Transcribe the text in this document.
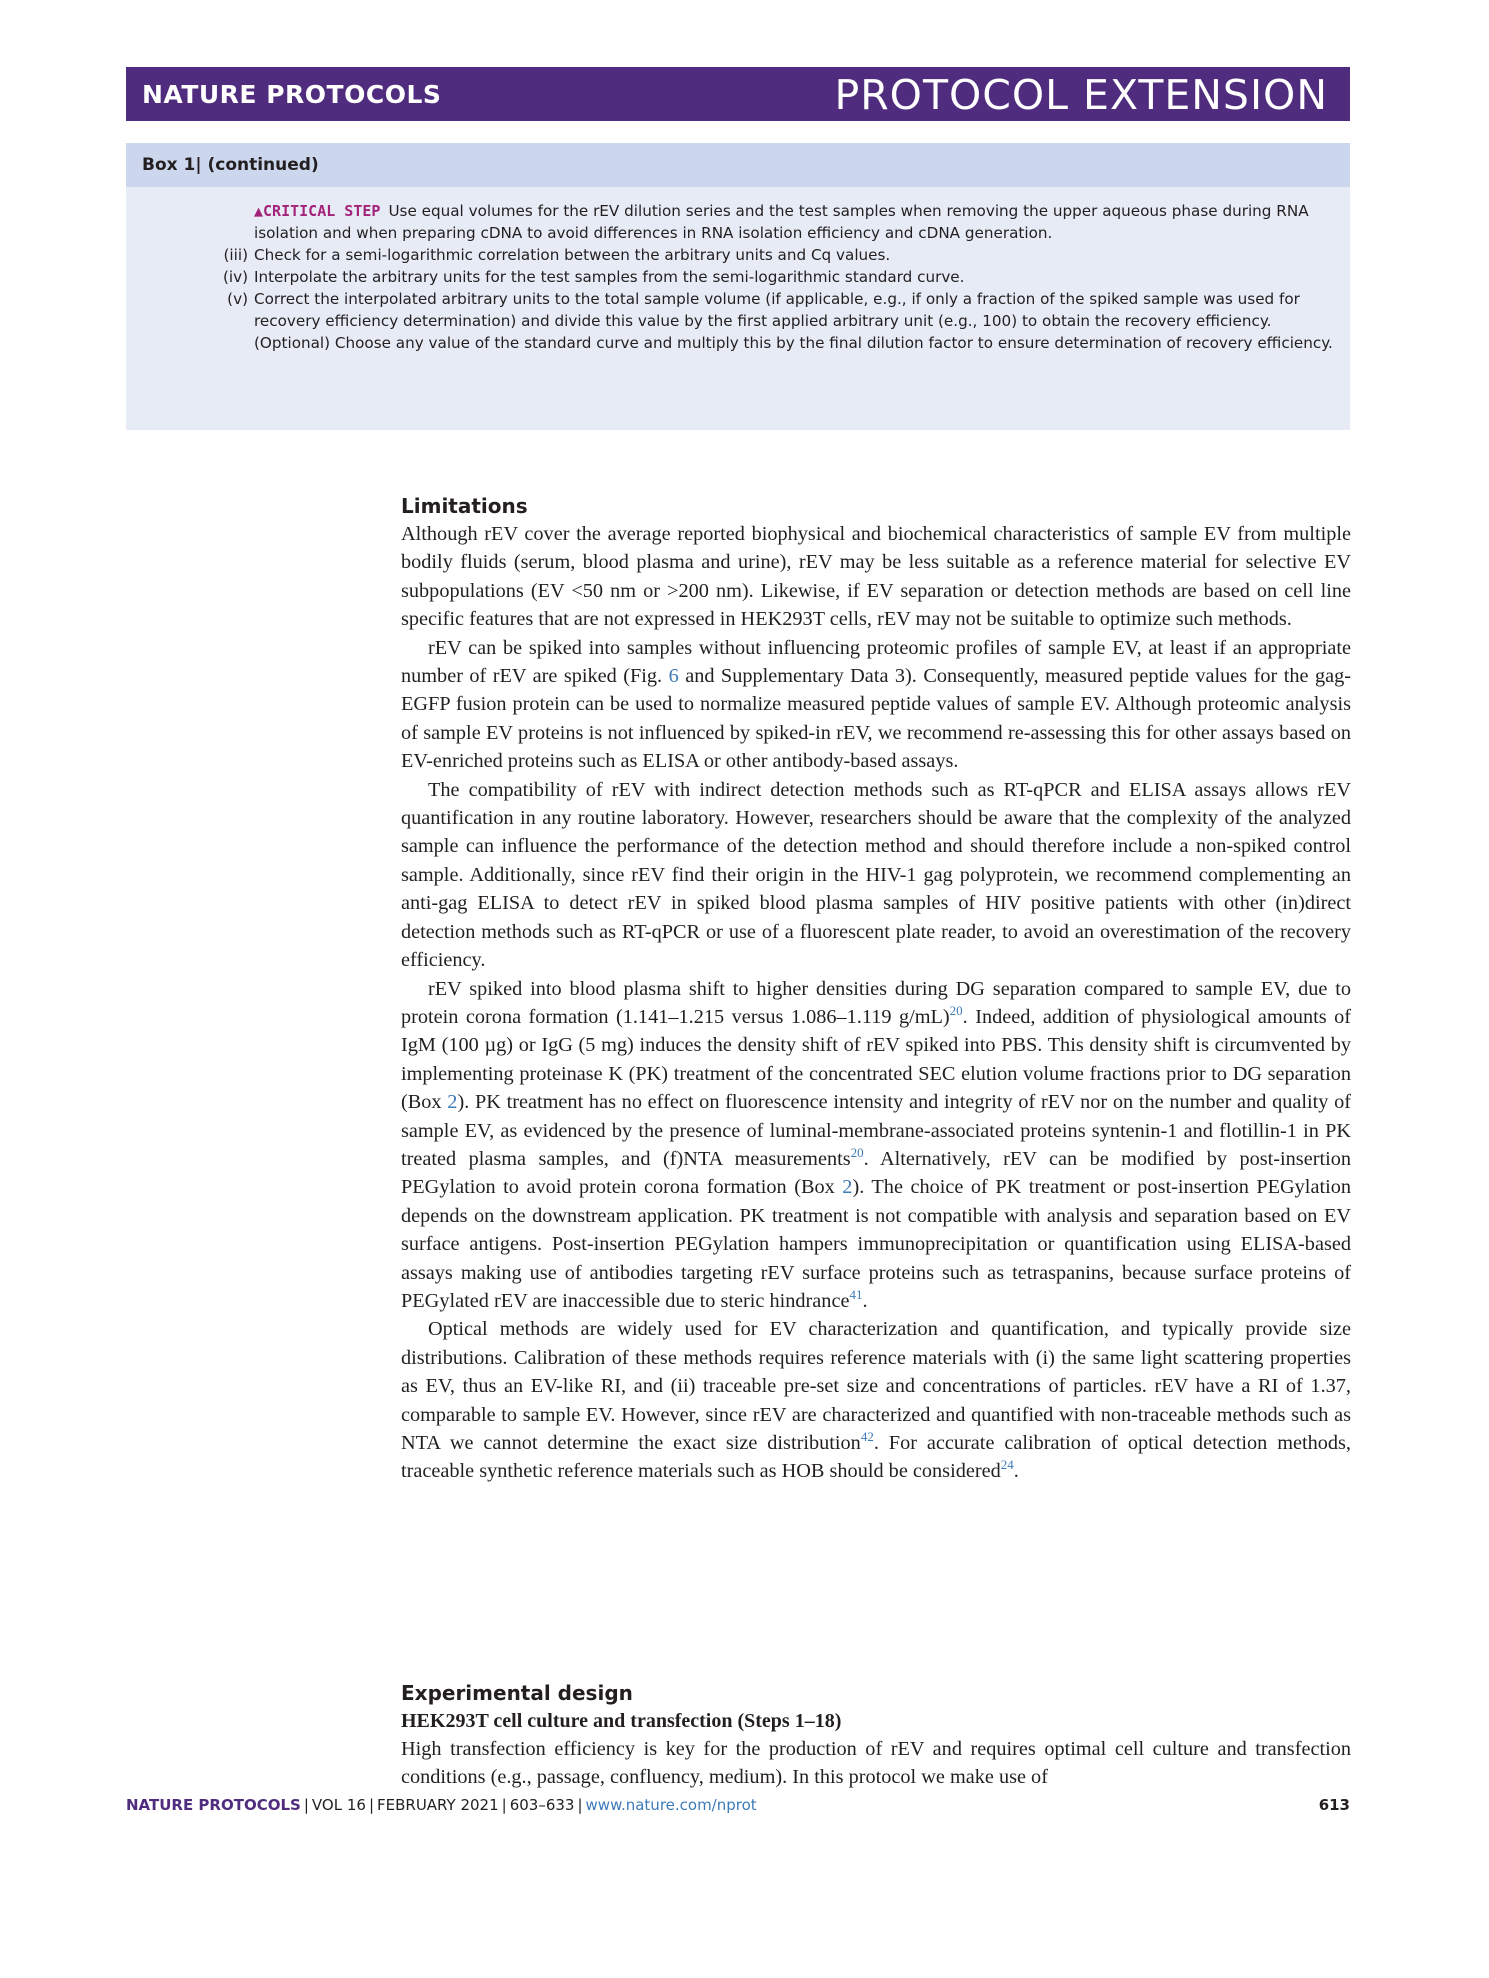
NATURE PROTOCOLS	PROTOCOL EXTENSION
Box 1| (continued)
▲CRITICAL STEP Use equal volumes for the rEV dilution series and the test samples when removing the upper aqueous phase during RNA isolation and when preparing cDNA to avoid differences in RNA isolation efficiency and cDNA generation.
(iii) Check for a semi-logarithmic correlation between the arbitrary units and Cq values.
(iv) Interpolate the arbitrary units for the test samples from the semi-logarithmic standard curve.
(v) Correct the interpolated arbitrary units to the total sample volume (if applicable, e.g., if only a fraction of the spiked sample was used for recovery efficiency determination) and divide this value by the first applied arbitrary unit (e.g., 100) to obtain the recovery efficiency.
(Optional) Choose any value of the standard curve and multiply this by the final dilution factor to ensure determination of recovery efficiency.
Limitations

Although rEV cover the average reported biophysical and biochemical characteristics of sample EV from multiple bodily fluids (serum, blood plasma and urine), rEV may be less suitable as a reference material for selective EV subpopulations (EV <50 nm or >200 nm). Likewise, if EV separation or detection methods are based on cell line specific features that are not expressed in HEK293T cells, rEV may not be suitable to optimize such methods.

rEV can be spiked into samples without influencing proteomic profiles of sample EV, at least if an appropriate number of rEV are spiked (Fig. 6 and Supplementary Data 3). Consequently, measured peptide values for the gag-EGFP fusion protein can be used to normalize measured peptide values of sample EV. Although proteomic analysis of sample EV proteins is not influenced by spiked-in rEV, we recommend re-assessing this for other assays based on EV-enriched proteins such as ELISA or other antibody-based assays.

The compatibility of rEV with indirect detection methods such as RT-qPCR and ELISA assays allows rEV quantification in any routine laboratory. However, researchers should be aware that the complexity of the analyzed sample can influence the performance of the detection method and should therefore include a non-spiked control sample. Additionally, since rEV find their origin in the HIV-1 gag polyprotein, we recommend complementing an anti-gag ELISA to detect rEV in spiked blood plasma samples of HIV positive patients with other (in)direct detection methods such as RT-qPCR or use of a fluorescent plate reader, to avoid an overestimation of the recovery efficiency.

rEV spiked into blood plasma shift to higher densities during DG separation compared to sample EV, due to protein corona formation (1.141–1.215 versus 1.086–1.119 g/mL)$^{20}$. Indeed, addition of physiological amounts of IgM (100 µg) or IgG (5 mg) induces the density shift of rEV spiked into PBS. This density shift is circumvented by implementing proteinase K (PK) treatment of the concentrated SEC elution volume fractions prior to DG separation (Box 2). PK treatment has no effect on fluorescence intensity and integrity of rEV nor on the number and quality of sample EV, as evidenced by the presence of luminal-membrane-associated proteins syntenin-1 and flotillin-1 in PK treated plasma samples, and (f)NTA measurements$^{20}$. Alternatively, rEV can be modified by post-insertion PEGylation to avoid protein corona formation (Box 2). The choice of PK treatment or post-insertion PEGylation depends on the downstream application. PK treatment is not compatible with analysis and separation based on EV surface antigens. Post-insertion PEGylation hampers immunoprecipitation or quantification using ELISA-based assays making use of antibodies targeting rEV surface proteins such as tetraspanins, because surface proteins of PEGylated rEV are inaccessible due to steric hindrance$^{41}$.

Optical methods are widely used for EV characterization and quantification, and typically provide size distributions. Calibration of these methods requires reference materials with (i) the same light scattering properties as EV, thus an EV-like RI, and (ii) traceable pre-set size and concentrations of particles. rEV have a RI of 1.37, comparable to sample EV. However, since rEV are characterized and quantified with non-traceable methods such as NTA we cannot determine the exact size distribution$^{42}$. For accurate calibration of optical detection methods, traceable synthetic reference materials such as HOB should be considered$^{24}$.

Experimental design
HEK293T cell culture and transfection (Steps 1–18)

High transfection efficiency is key for the production of rEV and requires optimal cell culture and transfection conditions (e.g., passage, confluency, medium). In this protocol we make use of

NATURE PROTOCOLS | VOL 16 | FEBRUARY 2021 | 603–633 | www.nature.com/nprot	613
